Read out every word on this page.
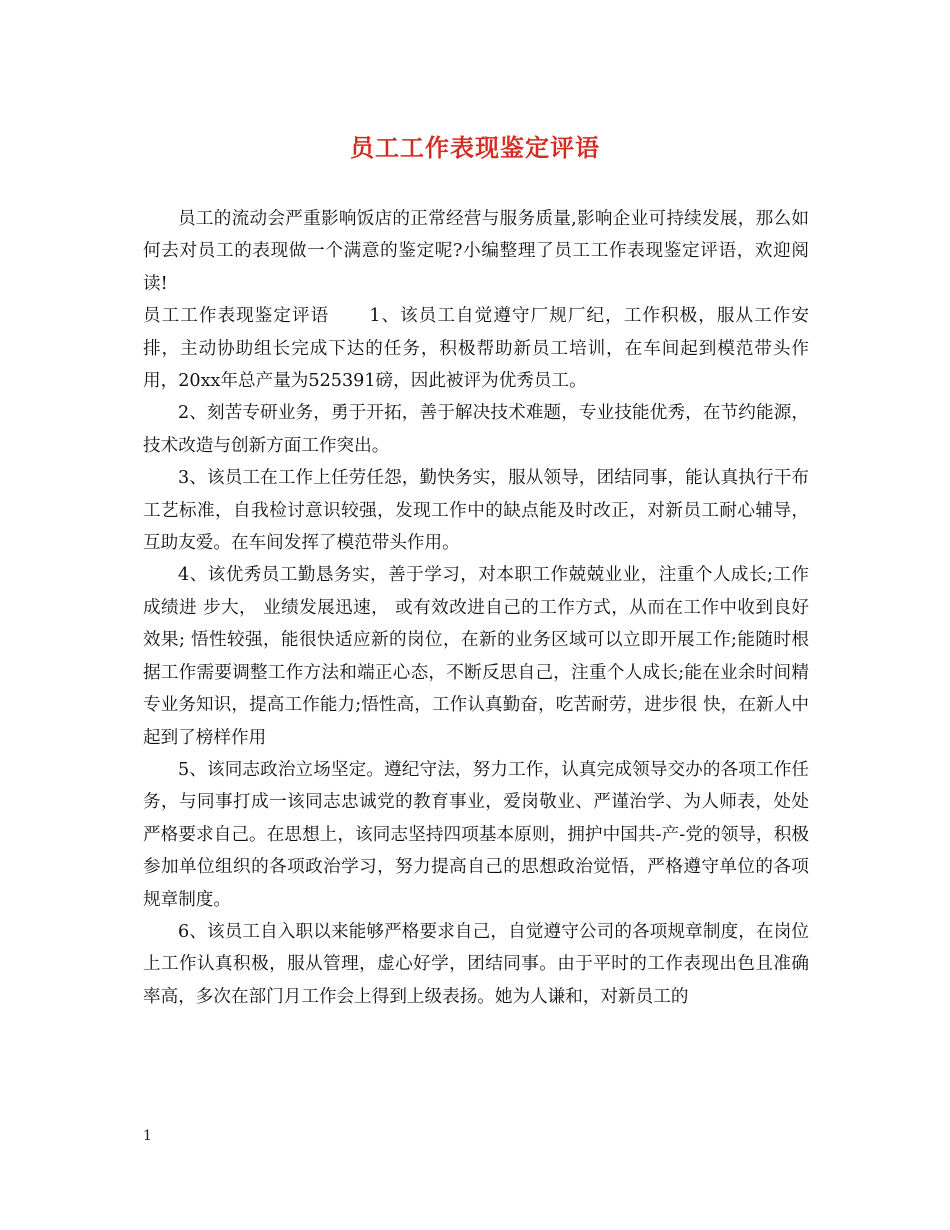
员工工作表现鉴定评语

员工的流动会严重影响饭店的正常经营与服务质量,影响企业可持续发展，那么如何去对员工的表现做一个满意的鉴定呢?小编整理了员工工作表现鉴定评语，欢迎阅读!

员工工作表现鉴定评语 1、该员工自觉遵守厂规厂纪，工作积极，服从工作安排，主动协助组长完成下达的任务，积极帮助新员工培训，在车间起到模范带头作用，20xx年总产量为525391磅，因此被评为优秀员工。

2、刻苦专研业务，勇于开拓，善于解决技术难题，专业技能优秀，在节约能源，技术改造与创新方面工作突出。

3、该员工在工作上任劳任怨，勤快务实，服从领导，团结同事，能认真执行干布工艺标准，自我检讨意识较强，发现工作中的缺点能及时改正，对新员工耐心辅导，互助友爱。在车间发挥了模范带头作用。

4、该优秀员工勤恳务实，善于学习，对本职工作兢兢业业，注重个人成长;工作成绩进 步大， 业绩发展迅速， 或有效改进自己的工作方式，从而在工作中收到良好效果; 悟性较强，能很快适应新的岗位，在新的业务区域可以立即开展工作;能随时根据工作需要调整工作方法和端正心态，不断反思自己，注重个人成长;能在业余时间精专业务知识，提高工作能力;悟性高，工作认真勤奋，吃苦耐劳，进步很 快，在新人中起到了榜样作用

5、该同志政治立场坚定。遵纪守法，努力工作，认真完成领导交办的各项工作任务，与同事打成一该同志忠诚党的教育事业，爱岗敬业、严谨治学、为人师表，处处严格要求自己。在思想上，该同志坚持四项基本原则，拥护中国共-产-党的领导，积极参加单位组织的各项政治学习，努力提高自己的思想政治觉悟，严格遵守单位的各项规章制度。

6、该员工自入职以来能够严格要求自己，自觉遵守公司的各项规章制度，在岗位上工作认真积极，服从管理，虚心好学，团结同事。由于平时的工作表现出色且准确率高，多次在部门月工作会上得到上级表扬。她为人谦和，对新员工的

1
